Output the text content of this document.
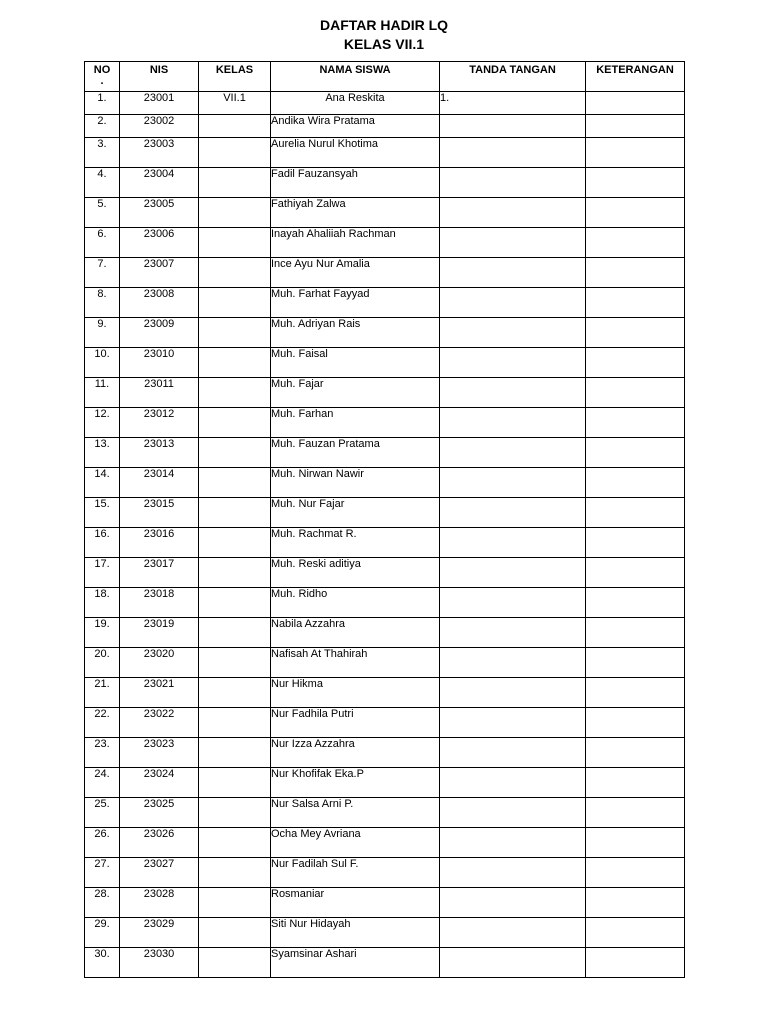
DAFTAR HADIR LQ
KELAS VII.1
NO
.	NIS	KELAS	NAMA SISWA	TANDA TANGAN	KETERANGAN
1.	23001	VII.1	Ana Reskita	1.	
2.	23002		Andika Wira Pratama		
3.	23003		Aurelia Nurul Khotima		
4.	23004		Fadil Fauzansyah		
5.	23005		Fathiyah Zalwa		
6.	23006		Inayah Ahaliiah Rachman		
7.	23007		Ince Ayu Nur Amalia		
8.	23008		Muh. Farhat Fayyad		
9.	23009		Muh. Adriyan Rais		
10.	23010		Muh. Faisal		
11.	23011		Muh. Fajar		
12.	23012		Muh. Farhan		
13.	23013		Muh. Fauzan Pratama		
14.	23014		Muh. Nirwan Nawir		
15.	23015		Muh. Nur Fajar		
16.	23016		Muh. Rachmat R.		
17.	23017		Muh. Reski aditiya		
18.	23018		Muh. Ridho		
19.	23019		Nabila Azzahra		
20.	23020		Nafisah At Thahirah		
21.	23021		Nur Hikma		
22.	23022		Nur Fadhila Putri		
23.	23023		Nur Izza Azzahra		
24.	23024		Nur Khofifak Eka.P		
25.	23025		Nur Salsa Arni P.		
26.	23026		Ocha Mey Avriana		
27.	23027		Nur Fadilah Sul F.		
28.	23028		Rosmaniar		
29.	23029		Siti Nur Hidayah		
30.	23030		Syamsinar Ashari		
